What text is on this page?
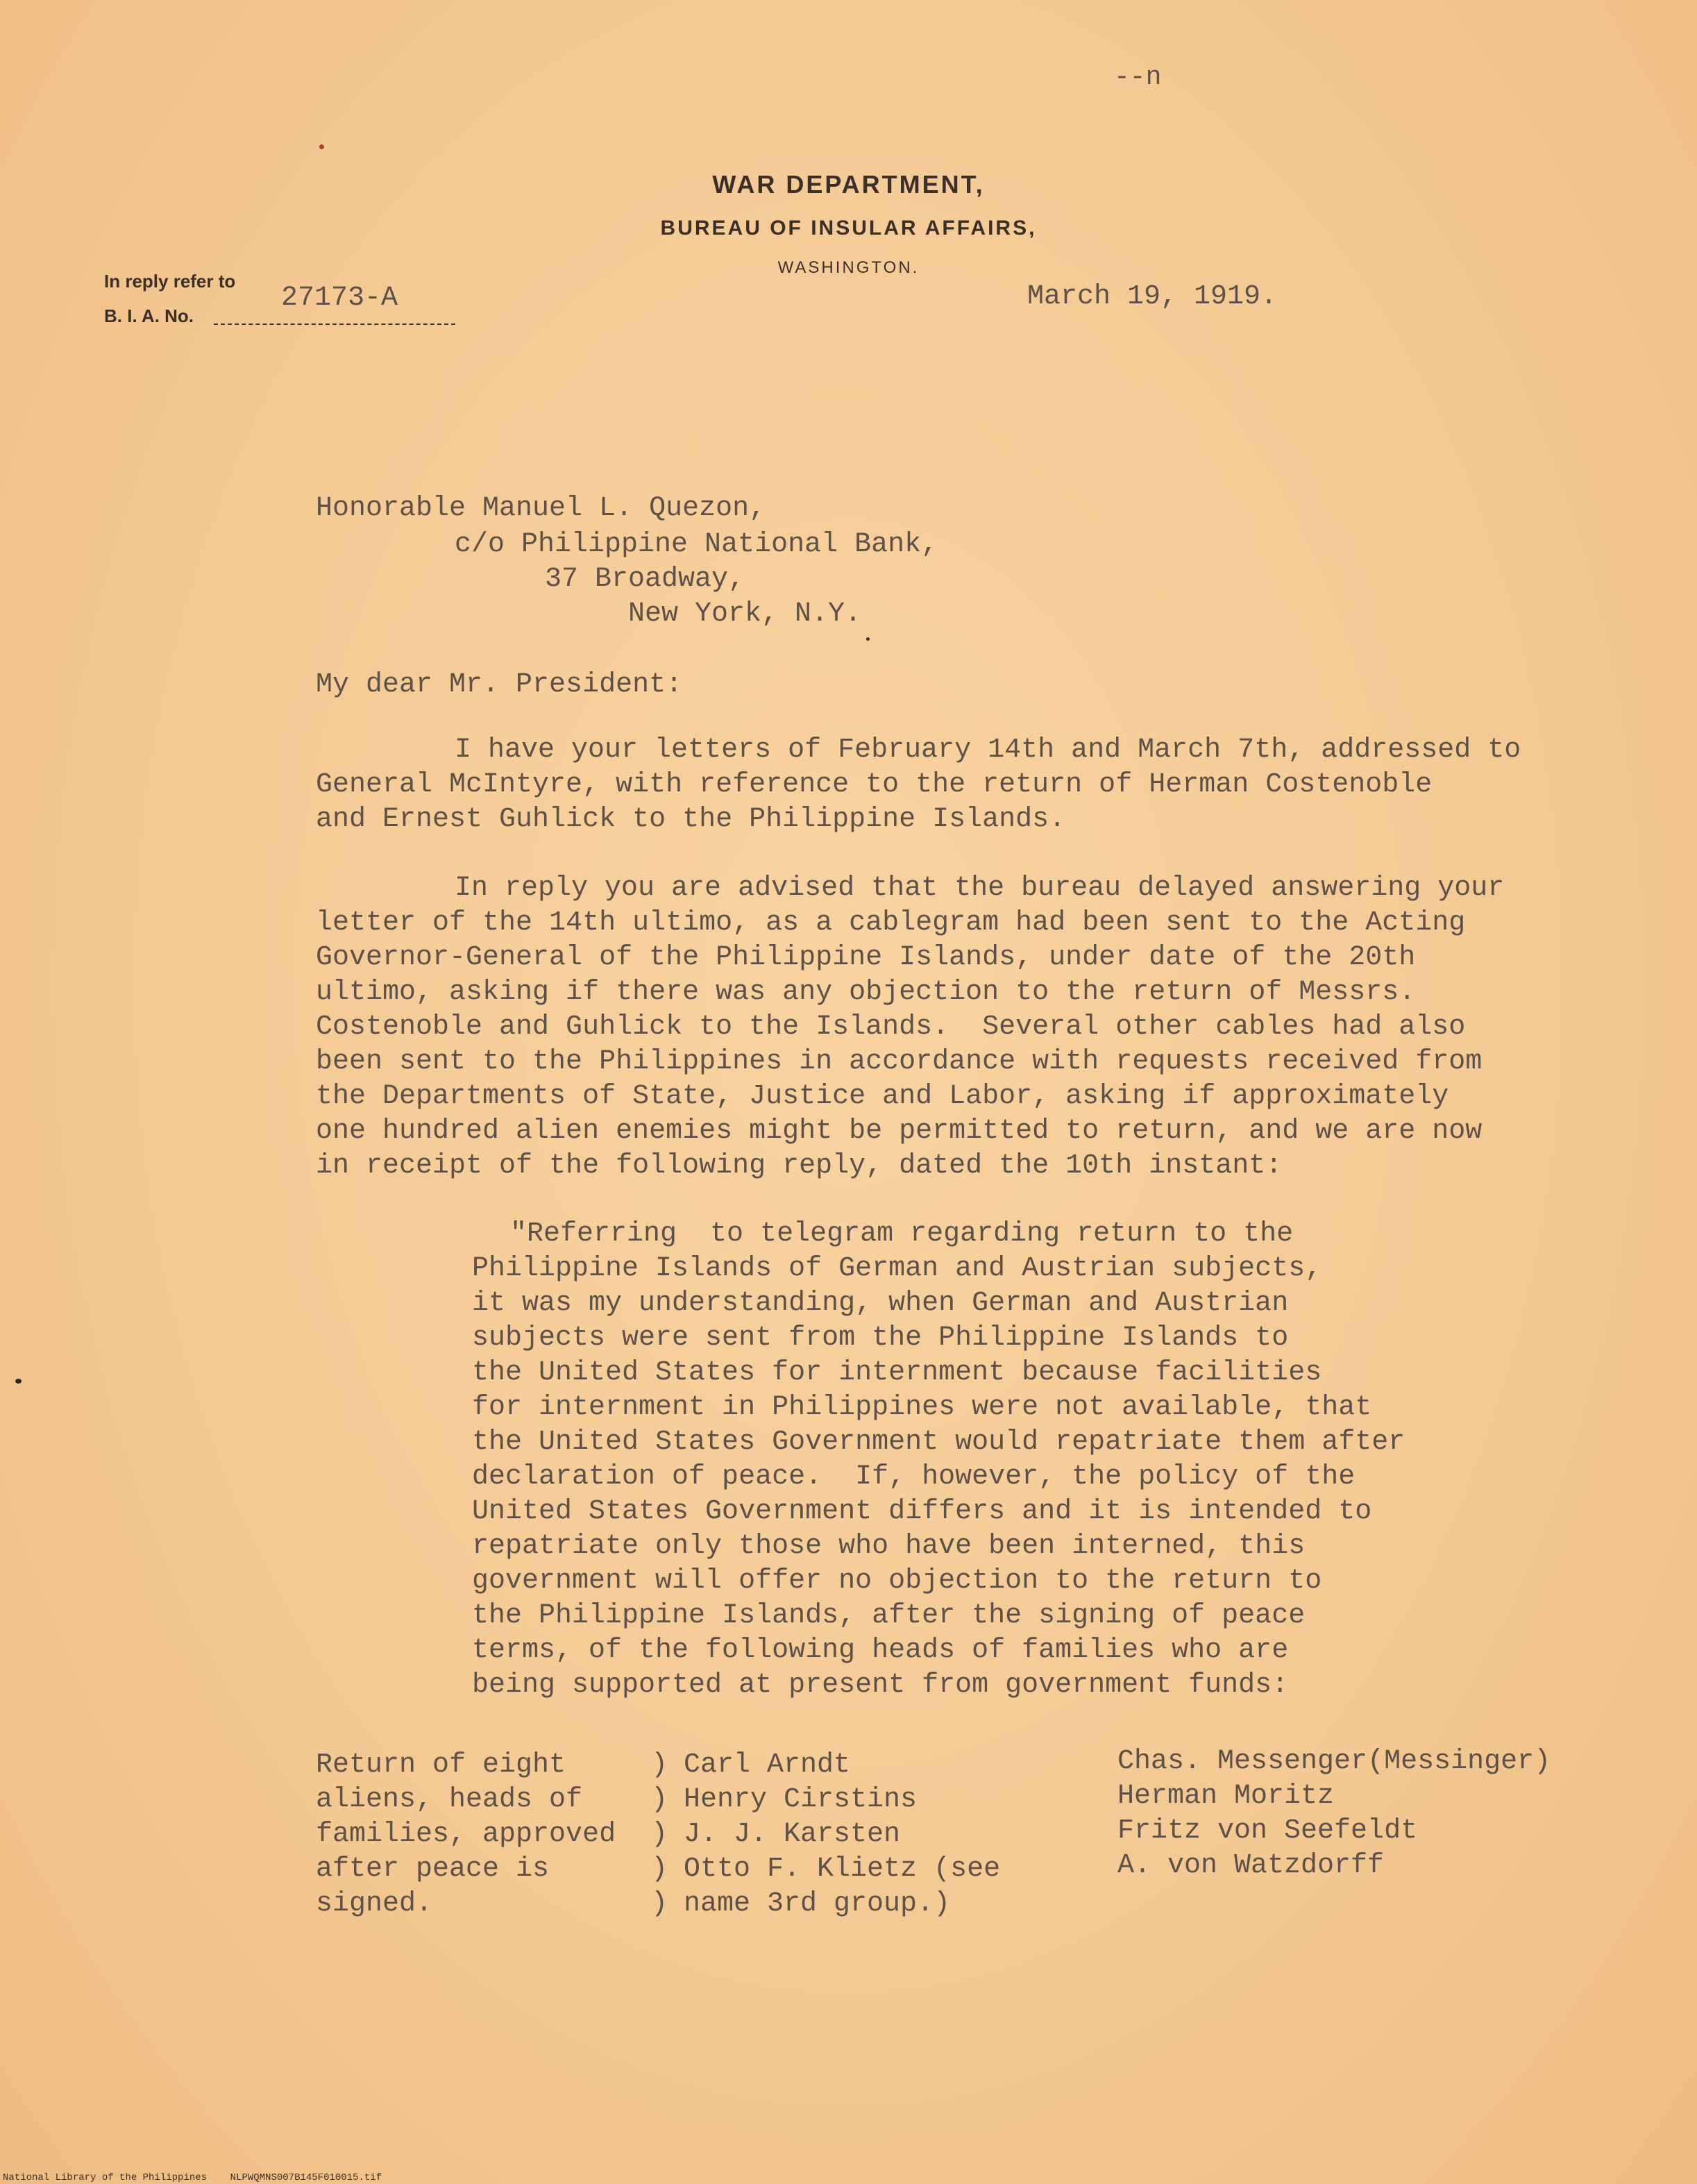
--n
WAR DEPARTMENT,
BUREAU OF INSULAR AFFAIRS,
WASHINGTON.
In reply refer to
B. I. A. No.
27173-A	March 19, 1919.
Honorable Manuel L. Quezon,
c/o Philippine National Bank,
37 Broadway,
New York, N.Y.
My dear Mr. President:
I have your letters of February 14th and March 7th, addressed to
General McIntyre, with reference to the return of Herman Costenoble
and Ernest Guhlick to the Philippine Islands.
In reply you are advised that the bureau delayed answering your
letter of the 14th ultimo, as a cablegram had been sent to the Acting
Governor-General of the Philippine Islands, under date of the 20th
ultimo, asking if there was any objection to the return of Messrs.
Costenoble and Guhlick to the Islands.  Several other cables had also
been sent to the Philippines in accordance with requests received from
the Departments of State, Justice and Labor, asking if approximately
one hundred alien enemies might be permitted to return, and we are now
in receipt of the following reply, dated the 10th instant:
"Referring  to telegram regarding return to the
Philippine Islands of German and Austrian subjects,
it was my understanding, when German and Austrian
subjects were sent from the Philippine Islands to
the United States for internment because facilities
for internment in Philippines were not available, that
the United States Government would repatriate them after
declaration of peace.  If, however, the policy of the
United States Government differs and it is intended to
repatriate only those who have been interned, this
government will offer no objection to the return to
the Philippine Islands, after the signing of peace
terms, of the following heads of families who are
being supported at present from government funds:
Return of eight
aliens, heads of
families, approved
after peace is
signed.
)
)
)
)
)
Carl Arndt
Henry Cirstins
J. J. Karsten
Otto F. Klietz (see
name 3rd group.)
Chas. Messenger(Messinger)
Herman Moritz
Fritz von Seefeldt
A. von Watzdorff
National Library of the Philippines    NLPWQMNS007B145F010015.tif
